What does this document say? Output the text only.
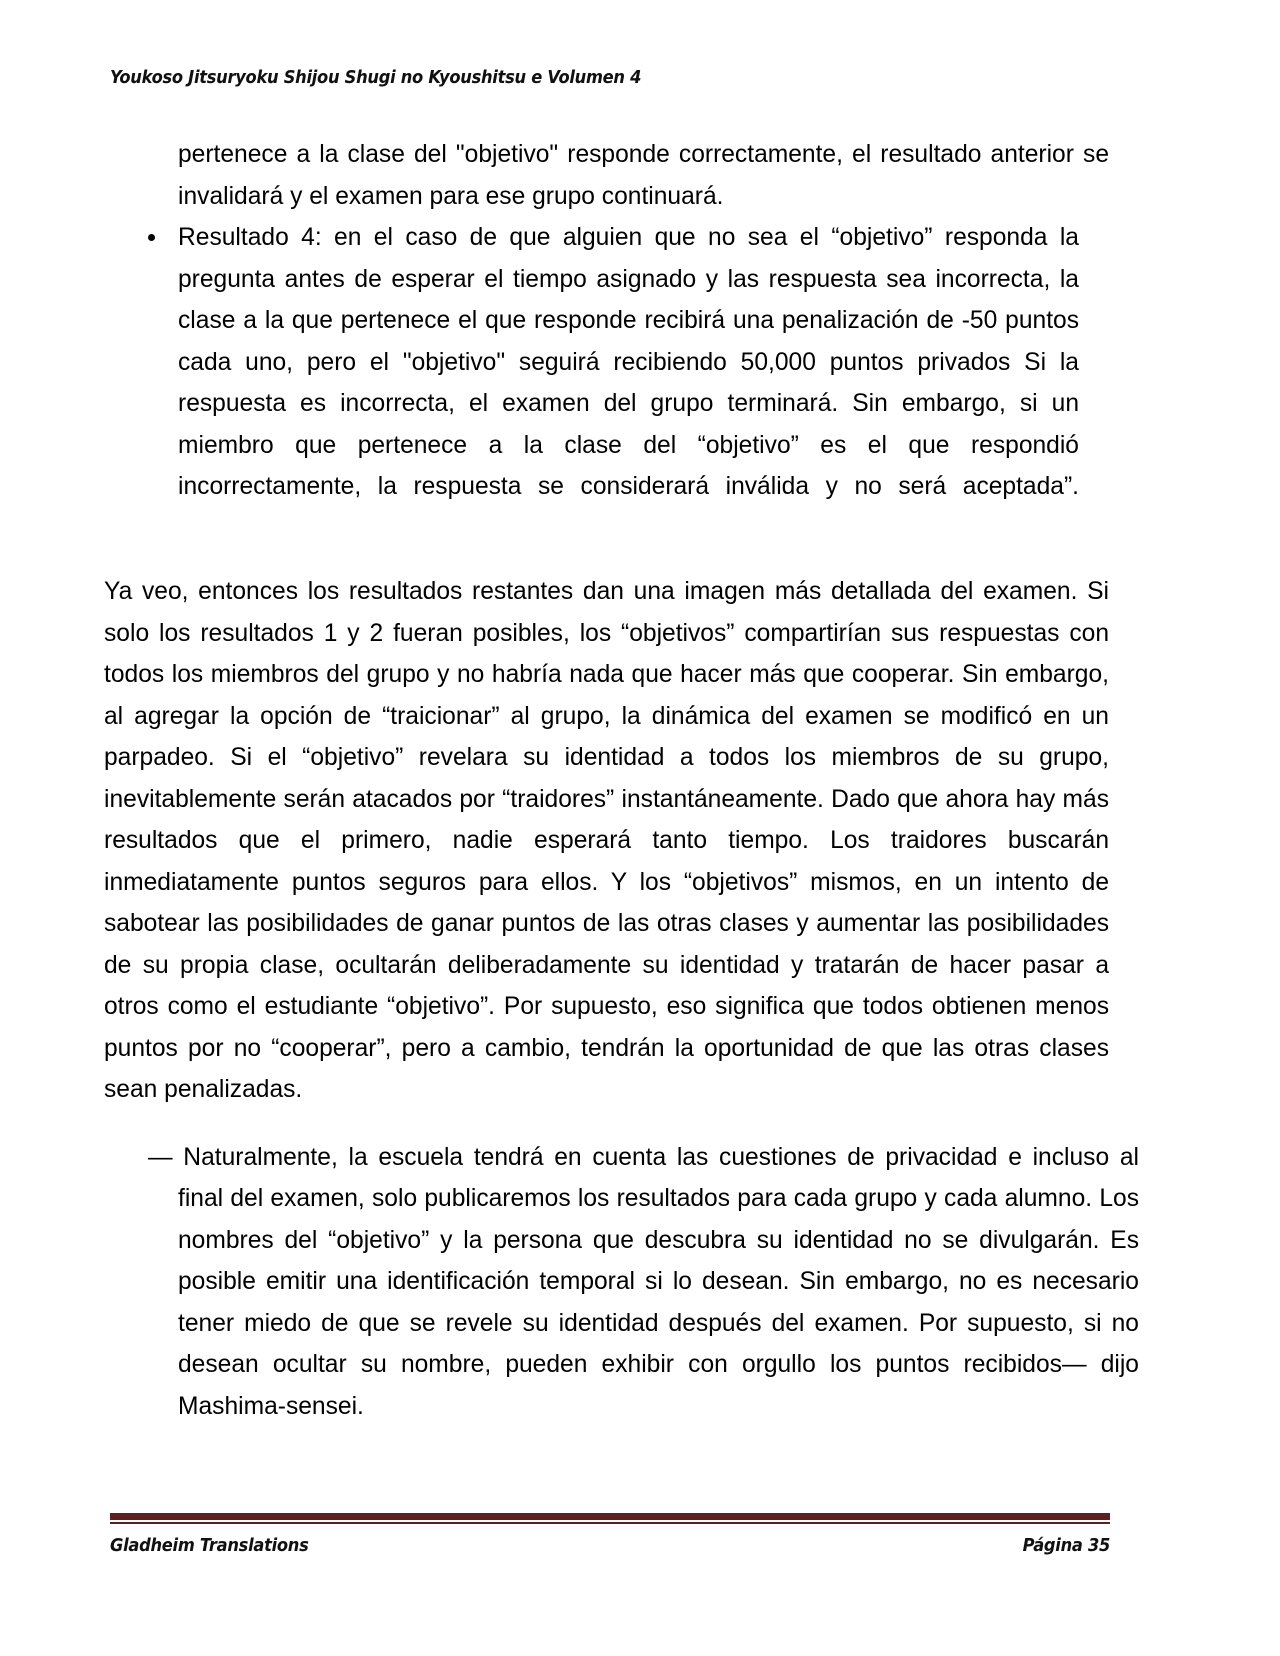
Youkoso Jitsuryoku Shijou Shugi no Kyoushitsu e Volumen 4

pertenece a la clase del "objetivo" responde correctamente, el resultado anterior se invalidará y el examen para ese grupo continuará.

Resultado 4: en el caso de que alguien que no sea el “objetivo” responda la pregunta antes de esperar el tiempo asignado y las respuesta sea incorrecta, la clase a la que pertenece el que responde recibirá una penalización de -50 puntos cada uno, pero el "objetivo" seguirá recibiendo 50,000 puntos privados Si la respuesta es incorrecta, el examen del grupo terminará. Sin embargo, si un miembro que pertenece a la clase del “objetivo” es el que respondió incorrectamente, la respuesta se considerará inválida y no será aceptada”.

Ya veo, entonces los resultados restantes dan una imagen más detallada del examen. Si solo los resultados 1 y 2 fueran posibles, los “objetivos” compartirían sus respuestas con todos los miembros del grupo y no habría nada que hacer más que cooperar. Sin embargo, al agregar la opción de “traicionar” al grupo, la dinámica del examen se modificó en un parpadeo. Si el “objetivo” revelara su identidad a todos los miembros de su grupo, inevitablemente serán atacados por “traidores” instantáneamente. Dado que ahora hay más resultados que el primero, nadie esperará tanto tiempo. Los traidores buscarán inmediatamente puntos seguros para ellos. Y los “objetivos” mismos, en un intento de sabotear las posibilidades de ganar puntos de las otras clases y aumentar las posibilidades de su propia clase, ocultarán deliberadamente su identidad y tratarán de hacer pasar a otros como el estudiante “objetivo”. Por supuesto, eso significa que todos obtienen menos puntos por no “cooperar”, pero a cambio, tendrán la oportunidad de que las otras clases sean penalizadas.

— Naturalmente, la escuela tendrá en cuenta las cuestiones de privacidad e incluso al final del examen, solo publicaremos los resultados para cada grupo y cada alumno. Los nombres del “objetivo” y la persona que descubra su identidad no se divulgarán. Es posible emitir una identificación temporal si lo desean. Sin embargo, no es necesario tener miedo de que se revele su identidad después del examen. Por supuesto, si no desean ocultar su nombre, pueden exhibir con orgullo los puntos recibidos— dijo Mashima-sensei.

Gladheim Translations	Página 35
